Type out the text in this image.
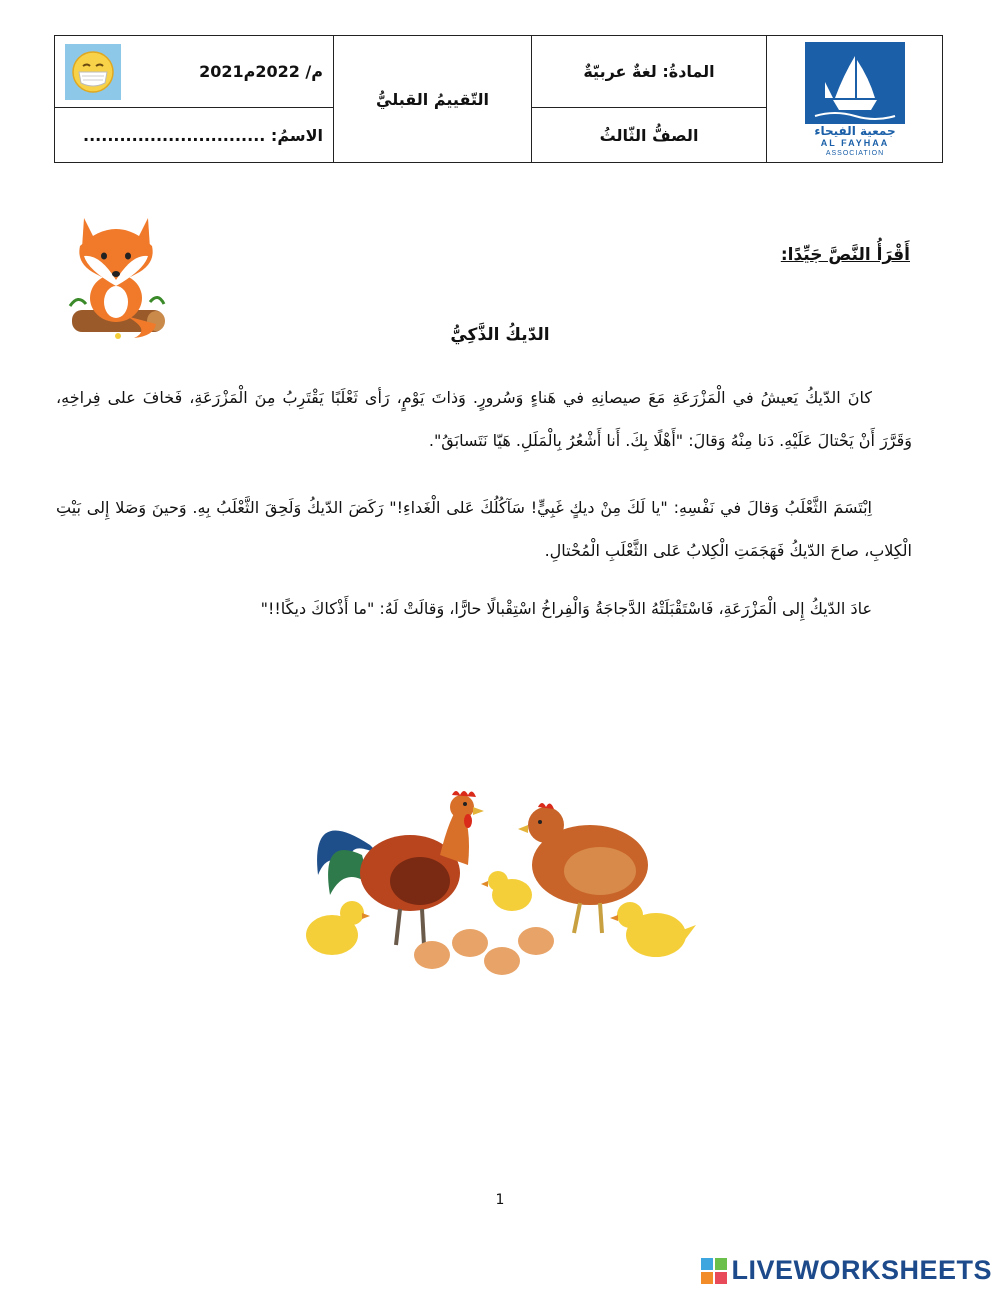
2021م/ 2022م	التّقييمُ القبليُّ	المادةُ: لغةٌ عربيّةٌ	جمعية الفيحاء
AL FAYHAA
ASSOCIATION

الاسمُ: ..............................		الصفُّ الثّالثُ	
أَقْرَأُ النَّصَّ جَيِّدًا:
الدّيكُ الذَّكِيُّ

كانَ الدّيكُ يَعيشُ في الْمَزْرَعَةِ مَعَ صيصانِهِ في هَناءٍ وَسُرورٍ. وَذاتَ يَوْمٍ، رَأى ثَعْلَبًا يَقْتَرِبُ مِنَ الْمَزْرَعَةِ، فَخافَ على فِراخِهِ، وَقَرَّرَ أَنْ يَحْتالَ عَلَيْهِ. دَنا مِنْهُ وَقالَ: "أَهْلًا بِكَ. أَنا أَشْعُرُ بِالْمَلَلِ. هَيّا نَتَسابَقُ".

اِبْتَسَمَ الثَّعْلَبُ وَقالَ في نَفْسِهِ: "يا لَكَ مِنْ ديكٍ غَبِيٍّ! سَآكُلُكَ عَلى الْغَداءِ!" رَكَضَ الدّيكُ وَلَحِقَ الثَّعْلَبُ بِهِ. وَحينَ وَصَلا إِلى بَيْتِ الْكِلابِ، صاحَ الدّيكُ فَهَجَمَتِ الْكِلابُ عَلى الثَّعْلَبِ الْمُحْتالِ.

عادَ الدّيكُ إِلى الْمَزْرَعَةِ، فَاسْتَقْبَلَتْهُ الدَّجاجَةُ وَالْفِراخُ اسْتِقْبالًا حارًّا، وَقالَتْ لَهُ: "ما أَذْكاكَ ديكًا!!"

1
LIVEWORKSHEETS
